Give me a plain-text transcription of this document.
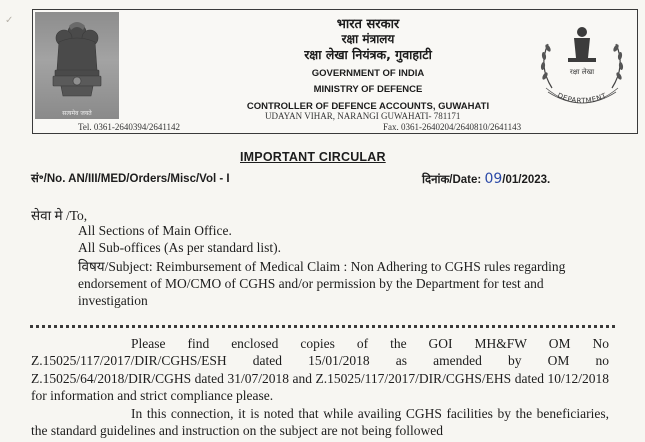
✓
सत्यमेव जयते
भारत सरकार
रक्षा मंत्रालय
रक्षा लेखा नियंत्रक, गुवाहाटी
GOVERNMENT OF INDIA
MINISTRY OF DEFENCE
CONTROLLER OF DEFENCE ACCOUNTS, GUWAHATI
रक्षा लेखा
DEPARTMENT
UDAYAN VIHAR, NARANGI GUWAHATI- 781171
Tel. 0361-2640394/2641142	Fax. 0361-2640204/2640810/2641143
IMPORTANT CIRCULAR
सं॰/No. AN/III/MED/Orders/Misc/Vol - I	दिनांक/Date: 09/01/2023.
सेवा मे /To,
All Sections of Main Office.
All Sub-offices (As per standard list).
विषय/Subject: Reimbursement of Medical Claim : Non Adhering to CGHS rules regarding endorsement of MO/CMO of CGHS and/or permission by the Department for test and investigation
Please find enclosed copies of the GOI MH&FW OM No Z.15025/117/2017/DIR/CGHS/ESH dated 15/01/2018 as amended by OM no Z.15025/64/2018/DIR/CGHS dated 31/07/2018 and Z.15025/117/2017/DIR/CGHS/EHS dated 10/12/2018 for information and strict compliance please.
In this connection, it is noted that while availing CGHS facilities by the beneficiaries, the standard guidelines and instruction on the subject are not being followed
